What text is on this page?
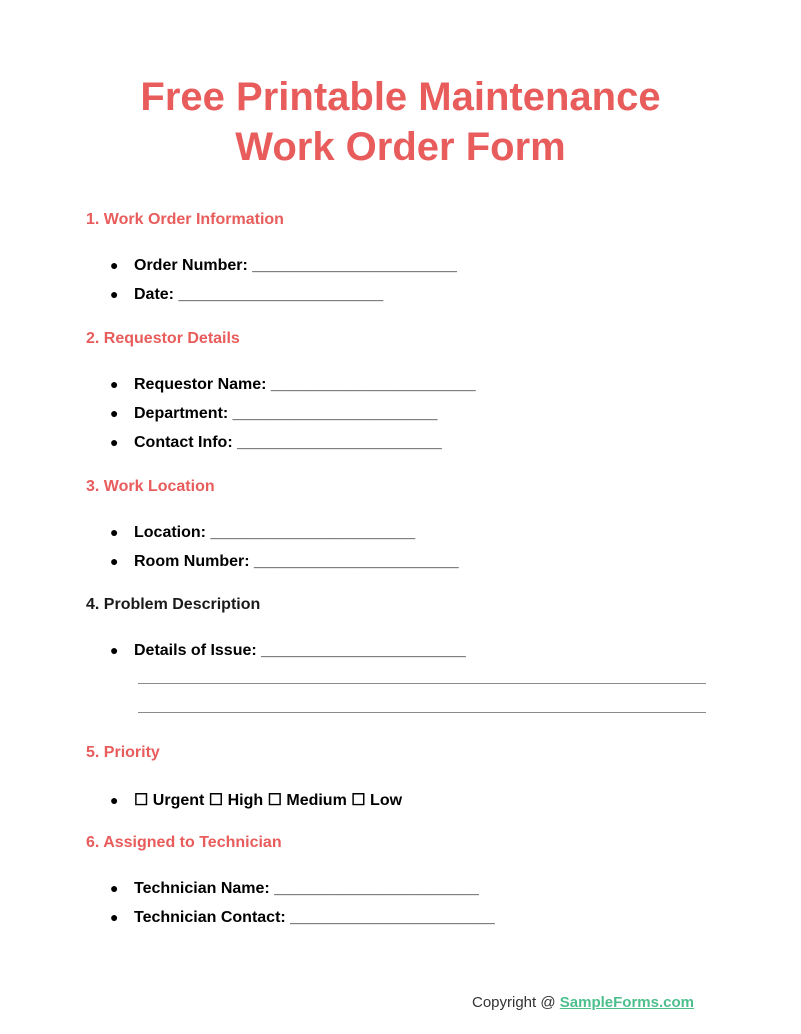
Free Printable Maintenance
Work Order Form
1. Work Order Information
● Order Number: _______________________
● Date: _______________________
2. Requestor Details
● Requestor Name: _______________________
● Department: _______________________
● Contact Info: _______________________
3. Work Location
● Location: _______________________
● Room Number: _______________________
4. Problem Description
● Details of Issue: _______________________
5. Priority
● ☐ Urgent ☐ High ☐ Medium ☐ Low
6. Assigned to Technician
● Technician Name: _______________________
● Technician Contact: _______________________
Copyright @ SampleForms.com
